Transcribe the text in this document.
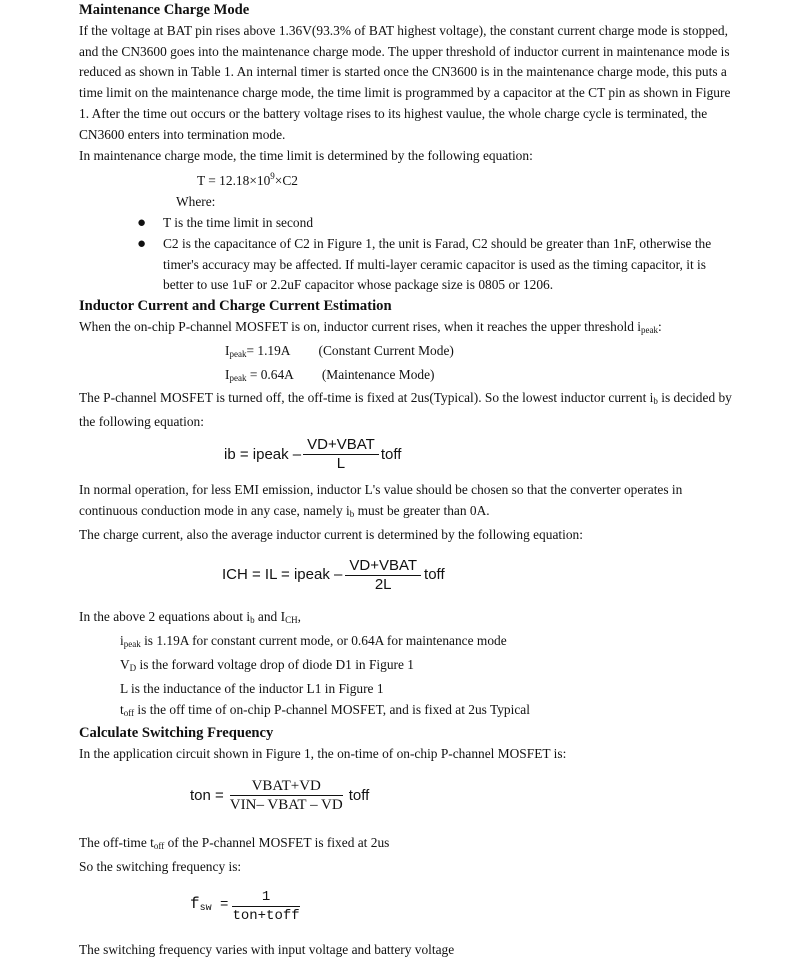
Maintenance Charge Mode

If the voltage at BAT pin rises above 1.36V(93.3% of BAT highest voltage), the constant current charge mode is stopped, and the CN3600 goes into the maintenance charge mode. The upper threshold of inductor current in maintenance mode is reduced as shown in Table 1. An internal timer is started once the CN3600 is in the maintenance charge mode, this puts a time limit on the maintenance charge mode, the time limit is programmed by a capacitor at the CT pin as shown in Figure 1. After the time out occurs or the battery voltage rises to its highest vaulue, the whole charge cycle is terminated, the CN3600 enters into termination mode.

In maintenance charge mode, the time limit is determined by the following equation:

$T = 12.18\times 10^9\times C2$

Where:

● T is the time limit in second
● C2 is the capacitance of C2 in Figure 1, the unit is Farad, C2 should be greater than 1nF, otherwise the timer's accuracy may be affected. If multi-layer ceramic capacitor is used as the timing capacitor, it is better to use 1uF or 2.2uF capacitor whose package size is 0805 or 1206.

Inductor Current and Charge Current Estimation

When the on-chip P-channel MOSFET is on, inductor current rises, when it reaches the upper threshold $i_{peak}$:

$I_{peak}= 1.19A$ (Constant Current Mode)

$I_{peak} = 0.64A$ (Maintenance Mode)

The P-channel MOSFET is turned off, the off-time is fixed at 2us(Typical). So the lowest inductor current $i_b$ is decided by the following equation:

ib = ipeak – $\frac{\text{VD+VBAT}}{L}$ toff

In normal operation, for less EMI emission, inductor L's value should be chosen so that the converter operates in continuous conduction mode in any case, namely $i_b$ must be greater than 0A.

The charge current, also the average inductor current is determined by the following equation:

ICH = IL = ipeak – $\frac{\text{VD+VBAT}}{2L}$ toff

In the above 2 equations about $i_b$ and $I_{CH}$,

$i_{peak}$ is 1.19A for constant current mode, or 0.64A for maintenance mode

$V_D$ is the forward voltage drop of diode D1 in Figure 1

L is the inductance of the inductor L1 in Figure 1

$t_{off}$ is the off time of on-chip P-channel MOSFET, and is fixed at 2us Typical

Calculate Switching Frequency

In the application circuit shown in Figure 1, the on-time of on-chip P-channel MOSFET is:

ton = $\frac{\text{VBAT+VD}}{\text{VIN– VBAT – VD}}$ toff

The off-time $t_{off}$ of the P-channel MOSFET is fixed at 2us

So the switching frequency is:

$f_{sw} = \frac{1}{\text{ton+toff}}$

The switching frequency varies with input voltage and battery voltage
